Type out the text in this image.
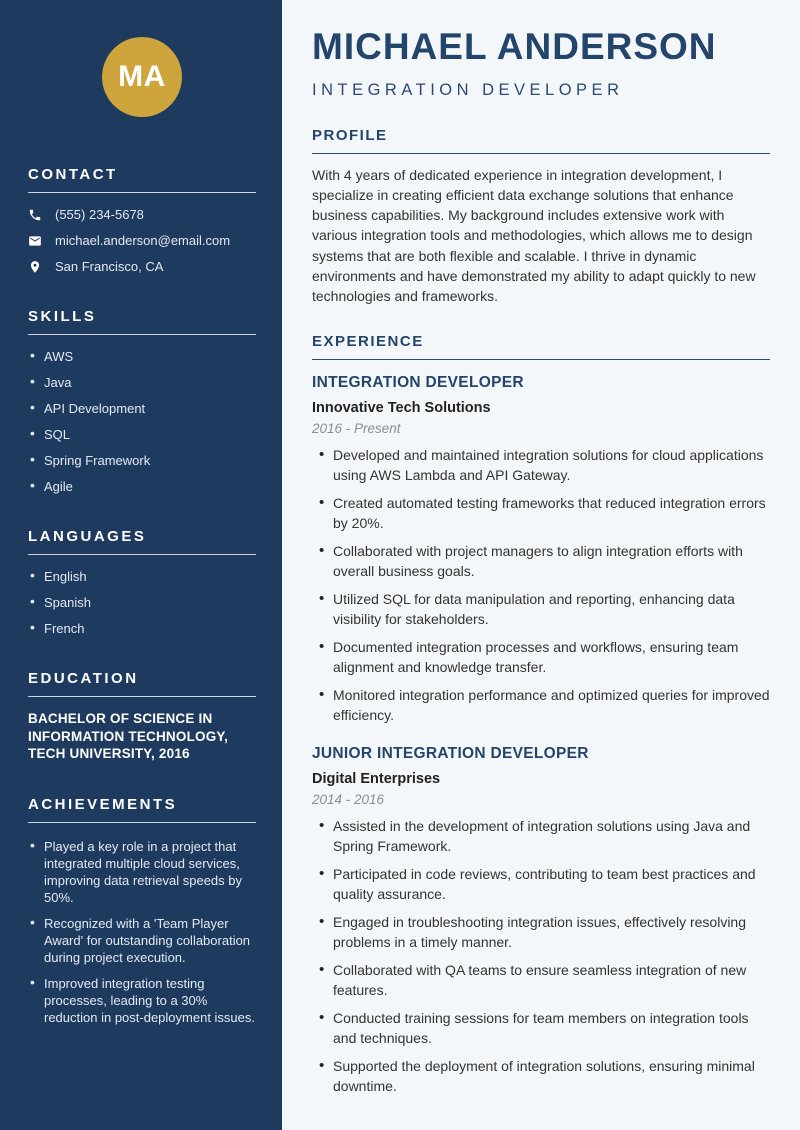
MA
CONTACT
(555) 234-5678
michael.anderson@email.com
San Francisco, CA
SKILLS
• AWS
• Java
• API Development
• SQL
• Spring Framework
• Agile
LANGUAGES
• English
• Spanish
• French
EDUCATION

BACHELOR OF SCIENCE IN INFORMATION TECHNOLOGY, TECH UNIVERSITY, 2016

ACHIEVEMENTS
• Played a key role in a project that integrated multiple cloud services, improving data retrieval speeds by 50%.
• Recognized with a 'Team Player Award' for outstanding collaboration during project execution.
• Improved integration testing processes, leading to a 30% reduction in post-deployment issues.
MICHAEL ANDERSON
INTEGRATION DEVELOPER
PROFILE

With 4 years of dedicated experience in integration development, I specialize in creating efficient data exchange solutions that enhance business capabilities. My background includes extensive work with various integration tools and methodologies, which allows me to design systems that are both flexible and scalable. I thrive in dynamic environments and have demonstrated my ability to adapt quickly to new technologies and frameworks.

EXPERIENCE
INTEGRATION DEVELOPER
Innovative Tech Solutions
2016 - Present
• Developed and maintained integration solutions for cloud applications using AWS Lambda and API Gateway.
• Created automated testing frameworks that reduced integration errors by 20%.
• Collaborated with project managers to align integration efforts with overall business goals.
• Utilized SQL for data manipulation and reporting, enhancing data visibility for stakeholders.
• Documented integration processes and workflows, ensuring team alignment and knowledge transfer.
• Monitored integration performance and optimized queries for improved efficiency.
JUNIOR INTEGRATION DEVELOPER
Digital Enterprises
2014 - 2016
• Assisted in the development of integration solutions using Java and Spring Framework.
• Participated in code reviews, contributing to team best practices and quality assurance.
• Engaged in troubleshooting integration issues, effectively resolving problems in a timely manner.
• Collaborated with QA teams to ensure seamless integration of new features.
• Conducted training sessions for team members on integration tools and techniques.
• Supported the deployment of integration solutions, ensuring minimal downtime.
